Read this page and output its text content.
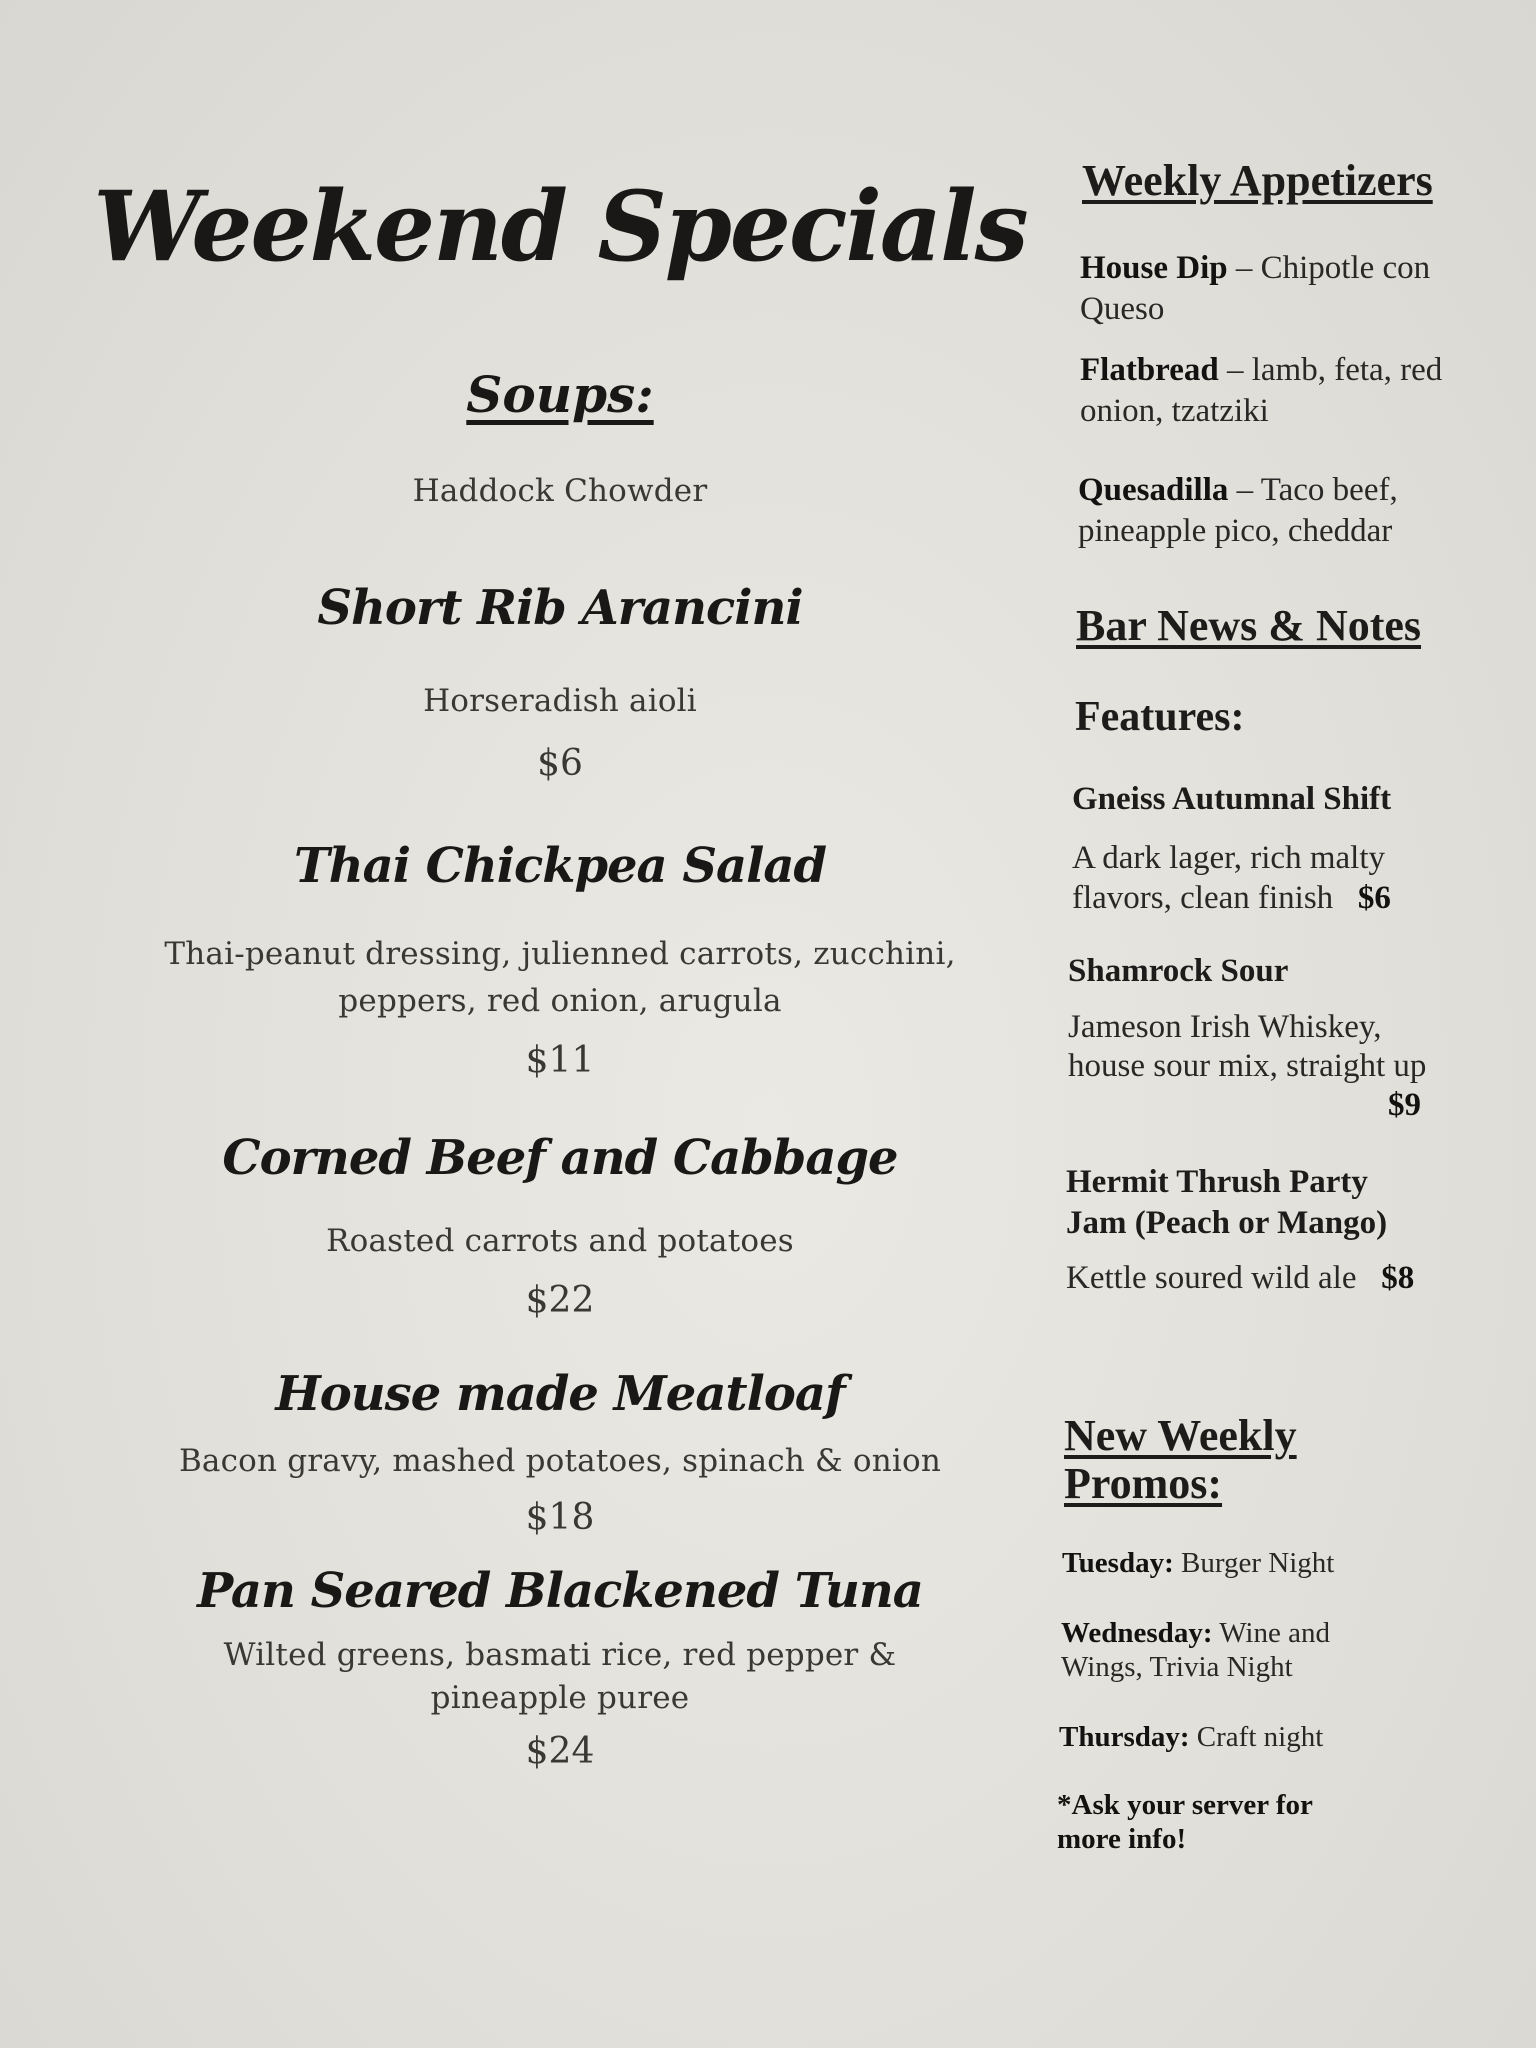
Weekend Specials
Soups:
Haddock Chowder
Short Rib Arancini
Horseradish aioli
$6
Thai Chickpea Salad
Thai-peanut dressing, julienned carrots, zucchini,
peppers, red onion, arugula
$11
Corned Beef and Cabbage
Roasted carrots and potatoes
$22
House made Meatloaf
Bacon gravy, mashed potatoes, spinach & onion
$18
Pan Seared Blackened Tuna
Wilted greens, basmati rice, red pepper &
pineapple puree
$24
Weekly Appetizers
House Dip – Chipotle con
Queso
Flatbread – lamb, feta, red
onion, tzatziki
Quesadilla – Taco beef,
pineapple pico, cheddar
Bar News & Notes
Features:
Gneiss Autumnal Shift
A dark lager, rich malty
flavors, clean finish $6
Shamrock Sour
Jameson Irish Whiskey,
house sour mix, straight up
$9
Hermit Thrush Party
Jam (Peach or Mango)
Kettle soured wild ale $8
New Weekly
Promos:
Tuesday: Burger Night
Wednesday: Wine and
Wings, Trivia Night
Thursday: Craft night
*Ask your server for
more info!
